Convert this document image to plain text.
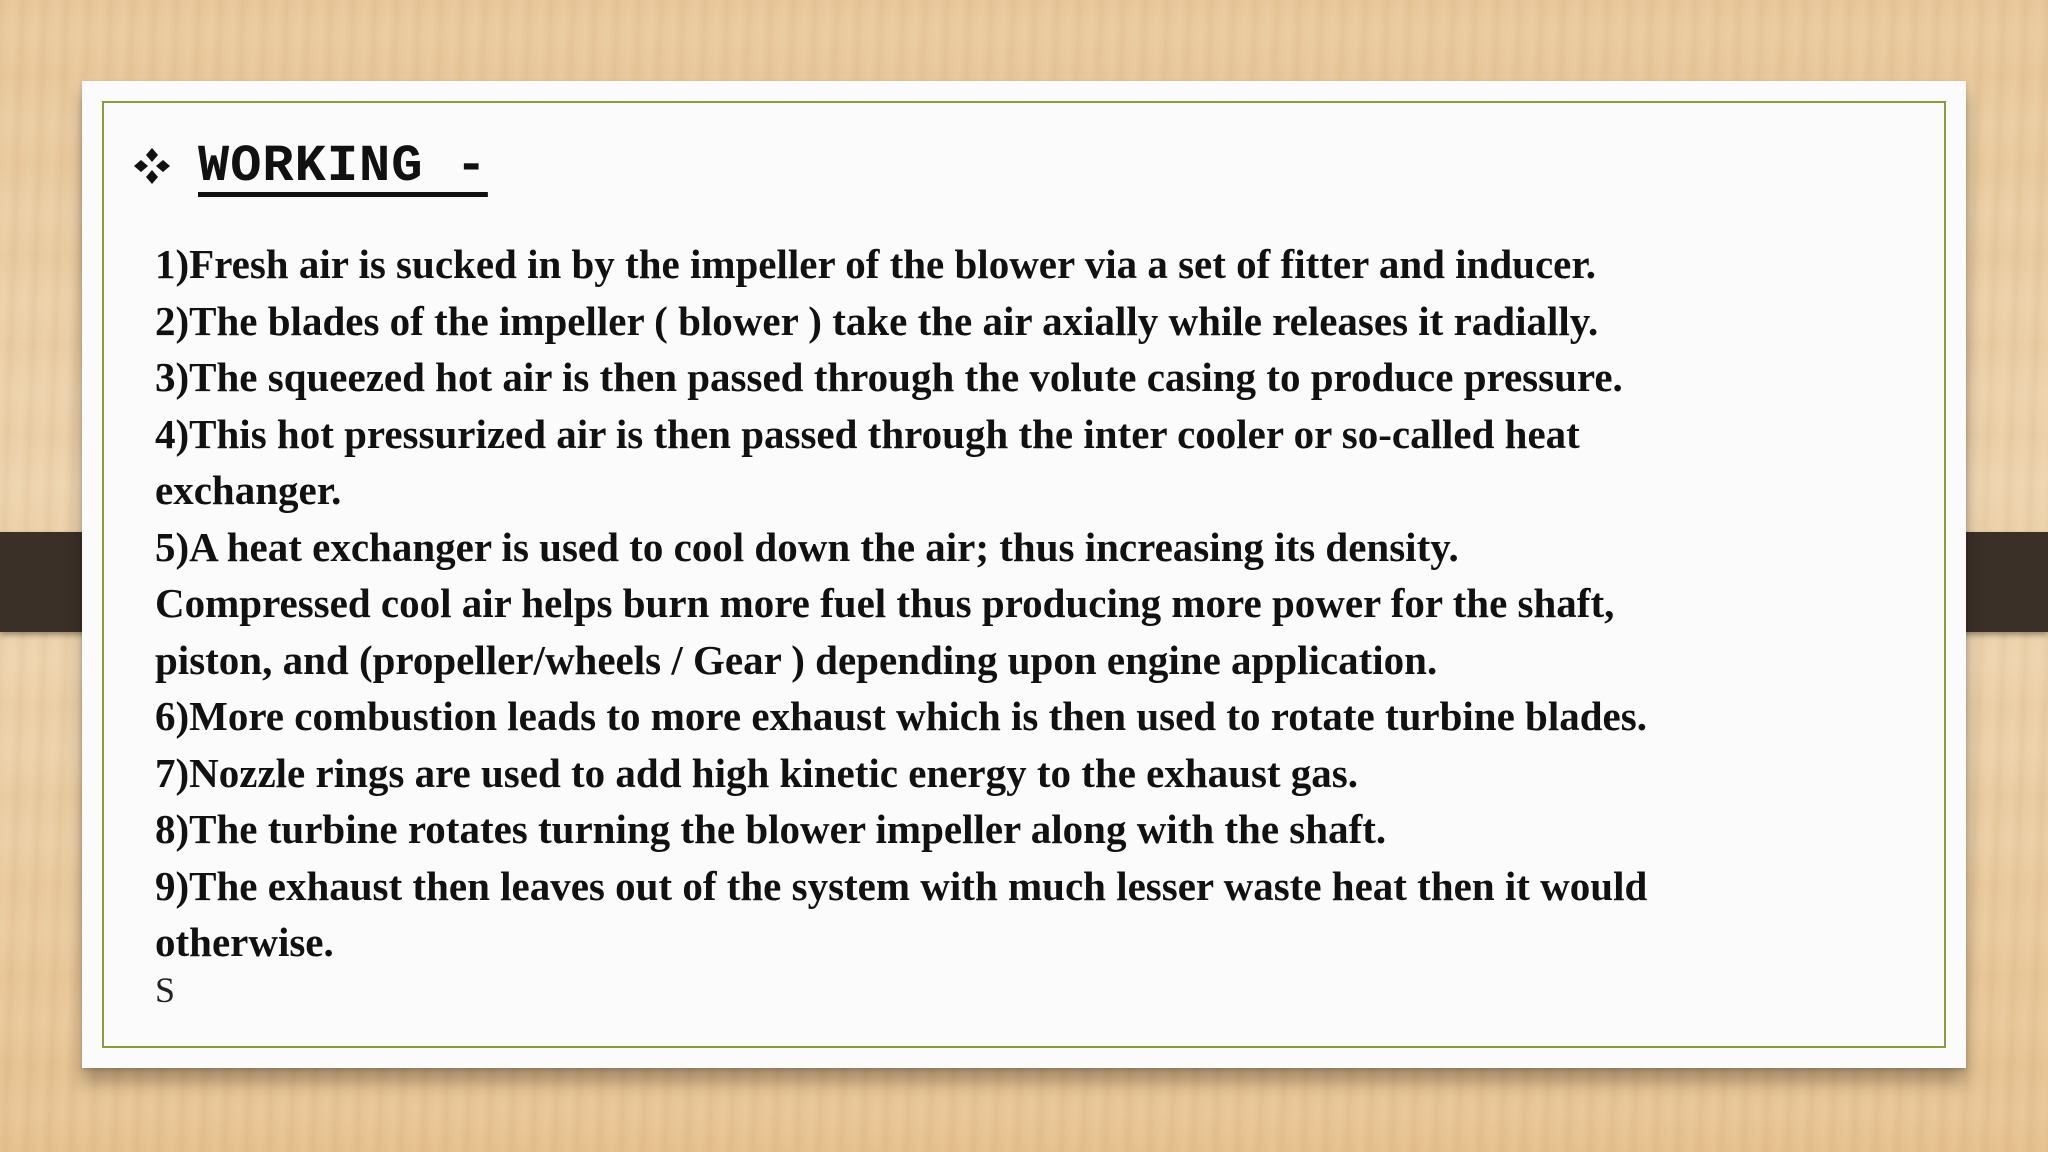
WORKING -
1)Fresh air is sucked in by the impeller of the blower via a set of fitter and inducer.
2)The blades of the impeller ( blower ) take the air axially while releases it radially.
3)The squeezed hot air is then passed through the volute casing to produce pressure.
4)This hot pressurized air is then passed through the inter cooler or so-called heat
exchanger.
5)A heat exchanger is used to cool down the air; thus increasing its density.
Compressed cool air helps burn more fuel thus producing more power for the shaft,
piston, and (propeller/wheels / Gear ) depending upon engine application.
6)More combustion leads to more exhaust which is then used to rotate turbine blades.
7)Nozzle rings are used to add high kinetic energy to the exhaust gas.
8)The turbine rotates turning the blower impeller along with the shaft.
9)The exhaust then leaves out of the system with much lesser waste heat then it would
otherwise.
S
